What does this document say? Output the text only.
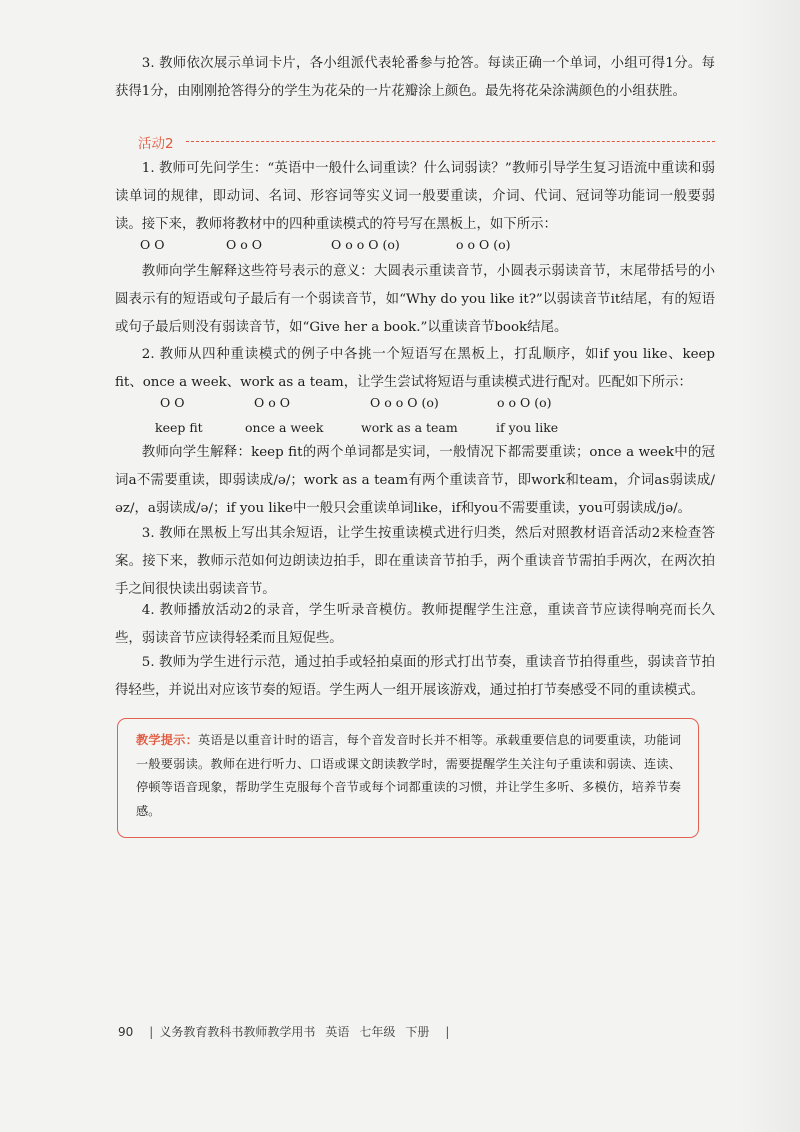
3. 教师依次展示单词卡片，各小组派代表轮番参与抢答。每读正确一个单词，小组可得1分。每获得1分，由刚刚抢答得分的学生为花朵的一片花瓣涂上颜色。最先将花朵涂满颜色的小组获胜。

活动2

1. 教师可先问学生：“英语中一般什么词重读？什么词弱读？”教师引导学生复习语流中重读和弱读单词的规律，即动词、名词、形容词等实义词一般要重读，介词、代词、冠词等功能词一般要弱读。接下来，教师将教材中的四种重读模式的符号写在黑板上，如下所示：

O O	O o O	O o o O (o)	o o O (o)

教师向学生解释这些符号表示的意义：大圆表示重读音节，小圆表示弱读音节，末尾带括号的小圆表示有的短语或句子最后有一个弱读音节，如“Why do you like it?”以弱读音节it结尾，有的短语或句子最后则没有弱读音节，如“Give her a book.”以重读音节book结尾。

2. 教师从四种重读模式的例子中各挑一个短语写在黑板上，打乱顺序，如if you like、keep fit、once a week、work as a team，让学生尝试将短语与重读模式进行配对。匹配如下所示：

O O	O o O	O o o O (o)	o o O (o)
keep fit	once a week	work as a team	if you like

教师向学生解释：keep fit的两个单词都是实词，一般情况下都需要重读；once a week中的冠词a不需要重读，即弱读成/ə/；work as a team有两个重读音节，即work和team，介词as弱读成/əz/，a弱读成/ə/；if you like中一般只会重读单词like，if和you不需要重读，you可弱读成/jə/。

3. 教师在黑板上写出其余短语，让学生按重读模式进行归类，然后对照教材语音活动2来检查答案。接下来，教师示范如何边朗读边拍手，即在重读音节拍手，两个重读音节需拍手两次，在两次拍手之间很快读出弱读音节。

4. 教师播放活动2的录音，学生听录音模仿。教师提醒学生注意，重读音节应读得响亮而长久些，弱读音节应读得轻柔而且短促些。

5. 教师为学生进行示范，通过拍手或轻拍桌面的形式打出节奏，重读音节拍得重些，弱读音节拍得轻些，并说出对应该节奏的短语。学生两人一组开展该游戏，通过拍打节奏感受不同的重读模式。

教学提示：英语是以重音计时的语言，每个音发音时长并不相等。承载重要信息的词要重读，功能词一般要弱读。教师在进行听力、口语或课文朗读教学时，需要提醒学生关注句子重读和弱读、连读、停顿等语音现象，帮助学生克服每个音节或每个词都重读的习惯，并让学生多听、多模仿，培养节奏感。

90 | 义务教育教科书教师教学用书 英语 七年级 下册 |
